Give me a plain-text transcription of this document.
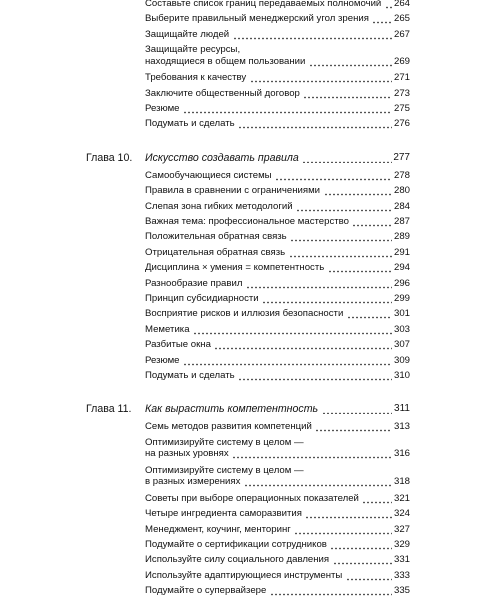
Составьте список границ передаваемых полномочий	264
Выберите правильный менеджерский угол зрения	265
Защищайте людей	267
Защищайте ресурсы,
находящиеся в общем пользовании	269
Требования к качеству	271
Заключите общественный договор	273
Резюме	275
Подумать и сделать	276
Глава 10. Искусство создавать правила	277
Самообучающиеся системы	278
Правила в сравнении с ограничениями	280
Слепая зона гибких методологий	284
Важная тема: профессиональное мастерство	287
Положительная обратная связь	289
Отрицательная обратная связь	291
Дисциплина × умения = компетентность	294
Разнообразие правил	296
Принцип субсидиарности	299
Восприятие рисков и иллюзия безопасности	301
Меметика	303
Разбитые окна	307
Резюме	309
Подумать и сделать	310
Глава 11. Как вырастить компетентность	311
Семь методов развития компетенций	313
Оптимизируйте систему в целом —
на разных уровнях	316
Оптимизируйте систему в целом —
в разных измерениях	318
Советы при выборе операционных показателей	321
Четыре ингредиента саморазвития	324
Менеджмент, коучинг, менторинг	327
Подумайте о сертификации сотрудников	329
Используйте силу социального давления	331
Используйте адаптирующиеся инструменты	333
Подумайте о супервайзере	335
